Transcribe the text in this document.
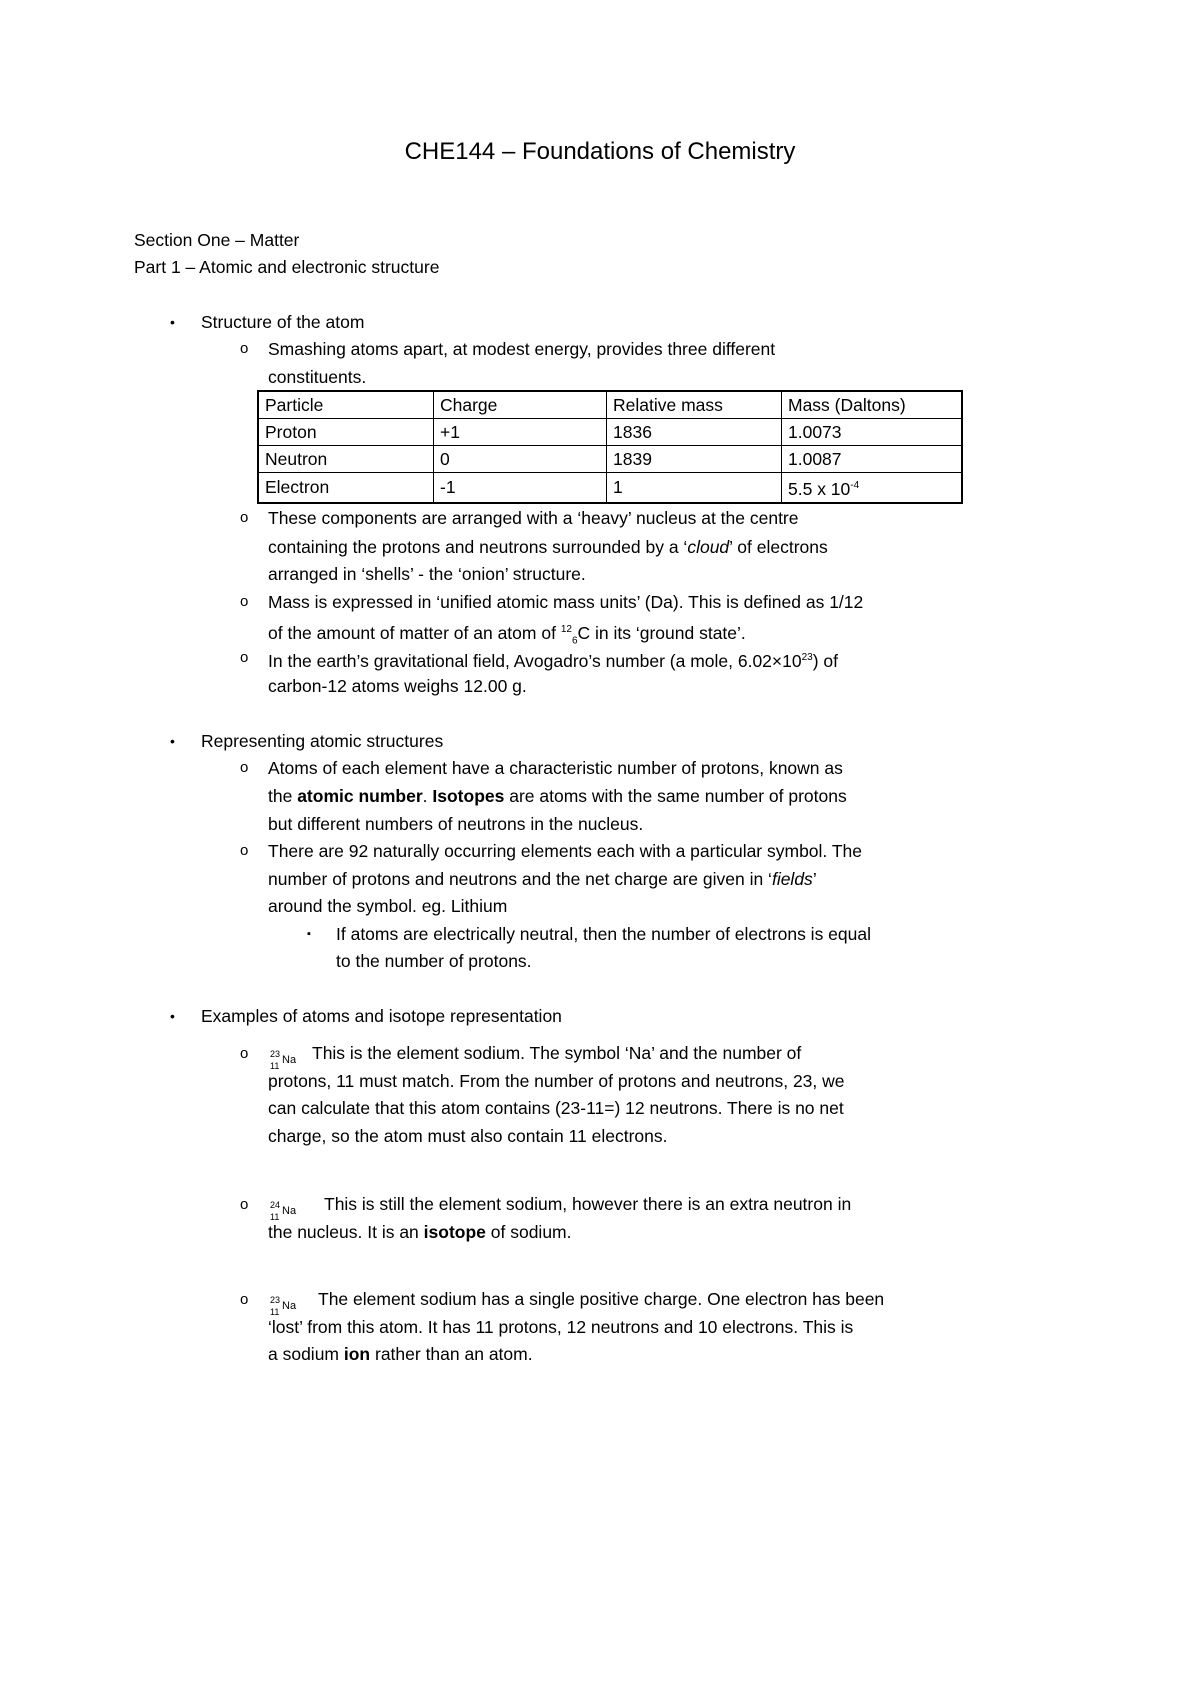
CHE144 – Foundations of Chemistry
Section One – Matter
Part 1 – Atomic and electronic structure
• Structure of the atom
o Smashing atoms apart, at modest energy, provides three different
constituents.
Particle	Charge	Relative mass	Mass (Daltons)
Proton	+1	1836	1.0073
Neutron	0	1839	1.0087
Electron	-1	1	5.5 x $10^{-4}$
o These components are arranged with a ‘heavy’ nucleus at the centre
containing the protons and neutrons surrounded by a ‘cloud’ of electrons
arranged in ‘shells’ - the ‘onion’ structure.
o Mass is expressed in ‘unified atomic mass units’ (Da). This is defined as 1/12
of the amount of matter of an atom of $^{12}_6$C in its ‘ground state’.
o In the earth’s gravitational field, Avogadro’s number (a mole, $6.02\times 10^{23}$) of
carbon-12 atoms weighs 12.00 g.
• Representing atomic structures
o Atoms of each element have a characteristic number of protons, known as
the atomic number. Isotopes are atoms with the same number of protons
but different numbers of neutrons in the nucleus.
o There are 92 naturally occurring elements each with a particular symbol. The
number of protons and neutrons and the net charge are given in ‘fields’
around the symbol. eg. Lithium
▪ If atoms are electrically neutral, then the number of electrons is equal
to the number of protons.
• Examples of atoms and isotope representation
o 23
11 Na This is the element sodium. The symbol ‘Na’ and the number of
protons, 11 must match. From the number of protons and neutrons, 23, we
can calculate that this atom contains (23-11=) 12 neutrons. There is no net
charge, so the atom must also contain 11 electrons.
o 24
11 Na This is still the element sodium, however there is an extra neutron in
the nucleus. It is an isotope of sodium.
o 23
11 Na The element sodium has a single positive charge. One electron has been
‘lost’ from this atom. It has 11 protons, 12 neutrons and 10 electrons. This is
a sodium ion rather than an atom.
